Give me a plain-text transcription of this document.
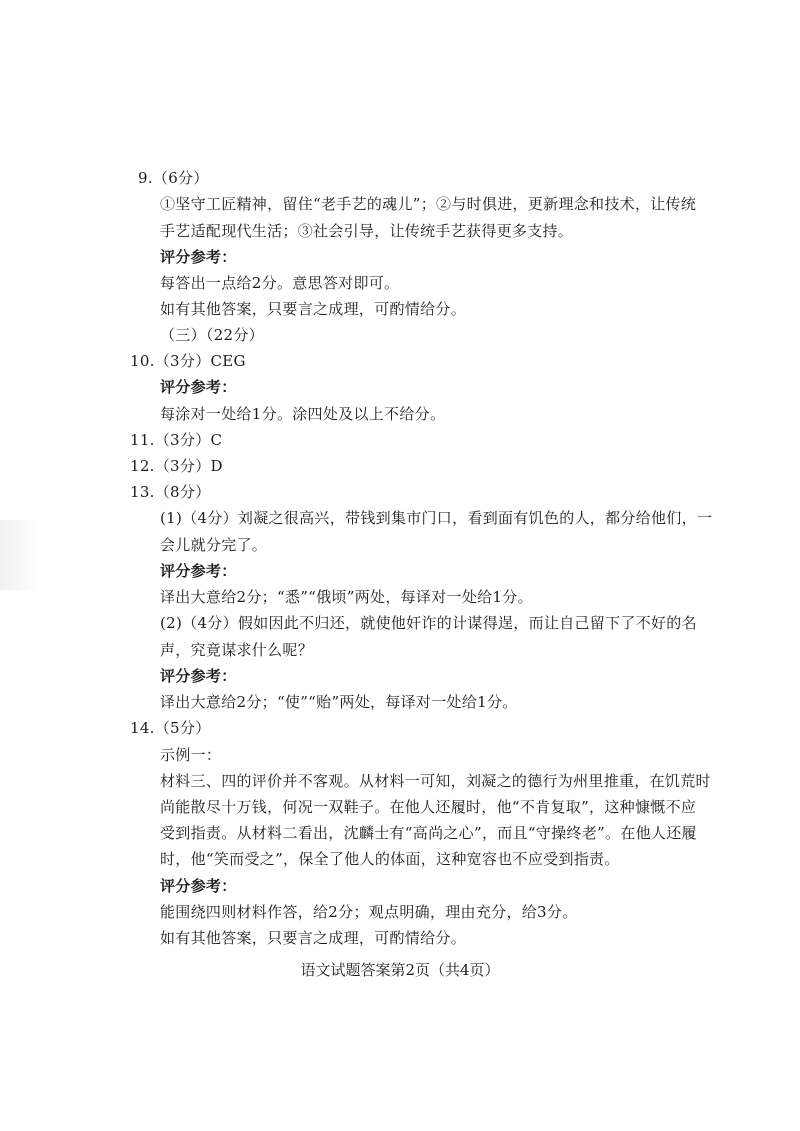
9.（6分）
①坚守工匠精神，留住“老手艺的魂儿”；②与时俱进，更新理念和技术，让传统
手艺适配现代生活；③社会引导，让传统手艺获得更多支持。
评分参考：
每答出一点给2分。意思答对即可。
如有其他答案，只要言之成理，可酌情给分。
（三）（22分）
10.（3分）CEG
评分参考：
每涂对一处给1分。涂四处及以上不给分。
11.（3分）C
12.（3分）D
13.（8分）
(1)（4分）刘凝之很高兴，带钱到集市门口，看到面有饥色的人，都分给他们，一
会儿就分完了。
评分参考：
译出大意给2分；“悉”“俄顷”两处，每译对一处给1分。
(2)（4分）假如因此不归还，就使他奸诈的计谋得逞，而让自己留下了不好的名
声，究竟谋求什么呢？
评分参考：
译出大意给2分；“使”“贻”两处，每译对一处给1分。
14.（5分）
示例一：
材料三、四的评价并不客观。从材料一可知，刘凝之的德行为州里推重，在饥荒时
尚能散尽十万钱，何况一双鞋子。在他人还履时，他“不肯复取”，这种慷慨不应
受到指责。从材料二看出，沈麟士有“高尚之心”，而且“守操终老”。在他人还履
时，他“笑而受之”，保全了他人的体面，这种宽容也不应受到指责。
评分参考：
能围绕四则材料作答，给2分；观点明确，理由充分，给3分。
如有其他答案，只要言之成理，可酌情给分。
语文试题答案第2页（共4页）
